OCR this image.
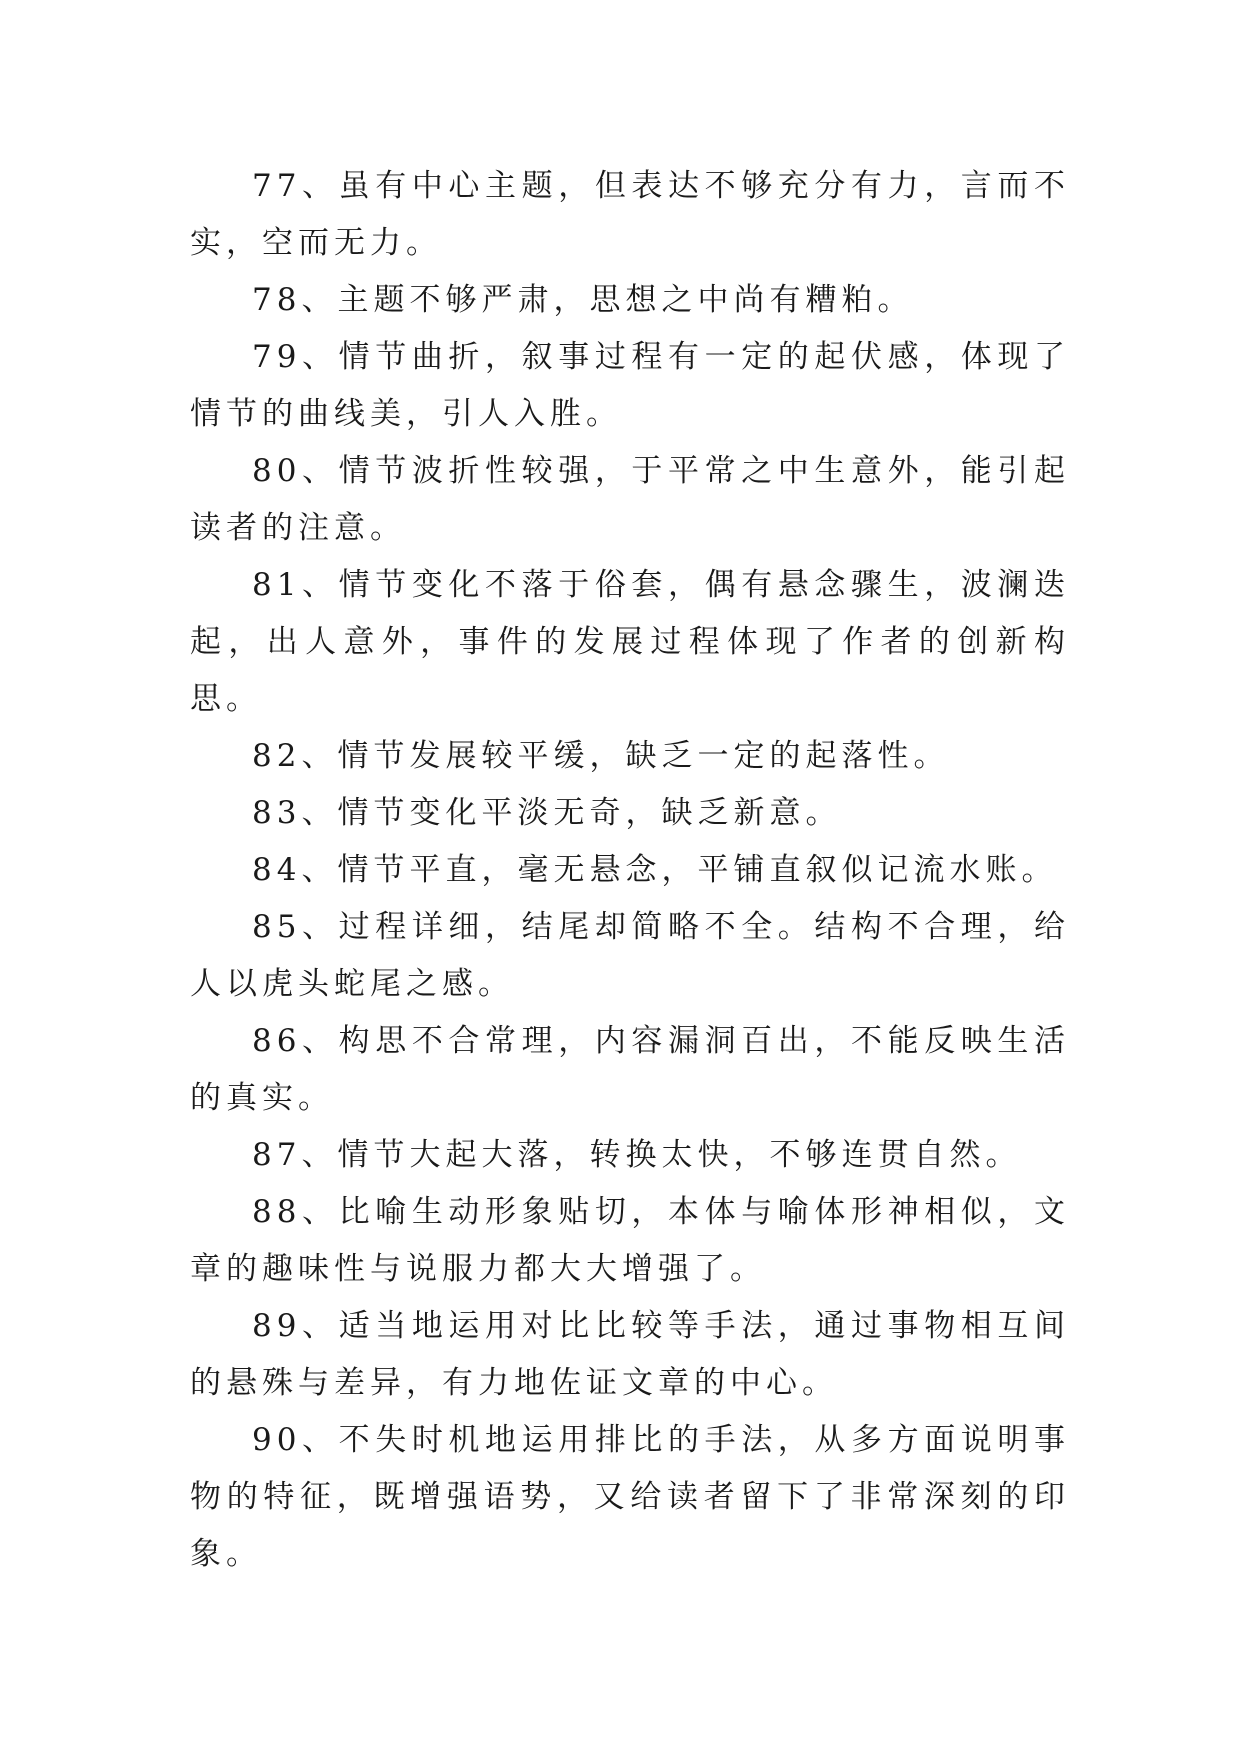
77、虽有中心主题，但表达不够充分有力，言而不实，空而无力。

78、主题不够严肃，思想之中尚有糟粕。

79、情节曲折，叙事过程有一定的起伏感，体现了情节的曲线美，引人入胜。

80、情节波折性较强，于平常之中生意外，能引起读者的注意。

81、情节变化不落于俗套，偶有悬念骤生，波澜迭起，出人意外，事件的发展过程体现了作者的创新构思。

82、情节发展较平缓，缺乏一定的起落性。

83、情节变化平淡无奇，缺乏新意。

84、情节平直，毫无悬念，平铺直叙似记流水账。

85、过程详细，结尾却简略不全。结构不合理，给人以虎头蛇尾之感。

86、构思不合常理，内容漏洞百出，不能反映生活的真实。

87、情节大起大落，转换太快，不够连贯自然。

88、比喻生动形象贴切，本体与喻体形神相似，文章的趣味性与说服力都大大增强了。

89、适当地运用对比比较等手法，通过事物相互间的悬殊与差异，有力地佐证文章的中心。

90、不失时机地运用排比的手法，从多方面说明事物的特征，既增强语势，又给读者留下了非常深刻的印象。
